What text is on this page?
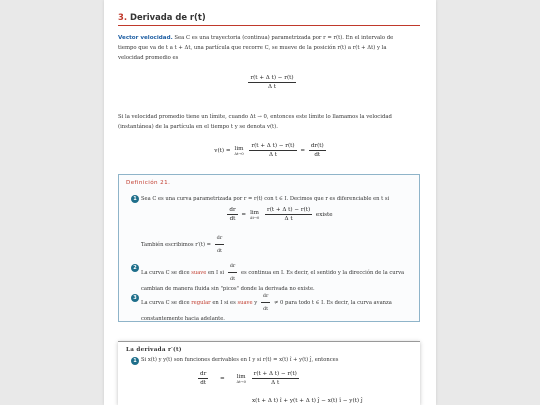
3. Derivada de r(t)
Vector velocidad. Sea C es una trayectoria (continua) parametrizada por r = r(t). En el intervalo de
tiempo que va de t a t + Δt, una partícula que recorre C, se mueve de la posición r(t) a r(t + Δt) y la
velocidad promedio es
$\frac{\text{r(t + Δ t) − r(t)}}{\text{Δ t}}$
Si la velocidad promedio tiene un límite, cuando Δt → 0, entonces este límite lo llamamos la velocidad
(instantánea) de la partícula en el tiempo t y se denota v(t).
v(t) = lim
Δt→0
$\frac{\text{r(t + Δ t) − r(t)}}{\text{Δ t}} = \frac{dr(t)}{dt}$
Definición 21.
1 Sea C es una curva parametrizada por r = r(t) con t ∈ I. Decimos que r es diferenciable en t si
$\frac{dr}{dt} = \lim$
Δt→0
$\frac{\text{r(t + Δ t) − r(t)}}{\text{Δ t}}$ existe
También escribimos $r'(t) = \frac{dr}{dt}$
2
La curva C se dice suave en I si $\frac{dr}{dt}$ es continua en I. Es decir, el sentido y la dirección de la curva
cambian de manera fluida sin "picos" donde la derivada no existe.
3
La curva C se dice regular en I si es suave y $\frac{dr}{dt} \ne 0$ para todo t ∈ I. Es decir, la curva avanza
constantemente hacia adelante.
La derivada r′(t)
1 Si x(t) y y(t) son funciones derivables en I y si r(t) = x(t) î + y(t) ĵ, entonces
$\frac{dr}{dt} = \lim$
Δt→0
$\frac{\text{r(t + Δ t) − r(t)}}{\text{Δ t}}$
x(t + Δ t) î + y(t + Δ t) ĵ − x(t) î − y(t) ĵ
